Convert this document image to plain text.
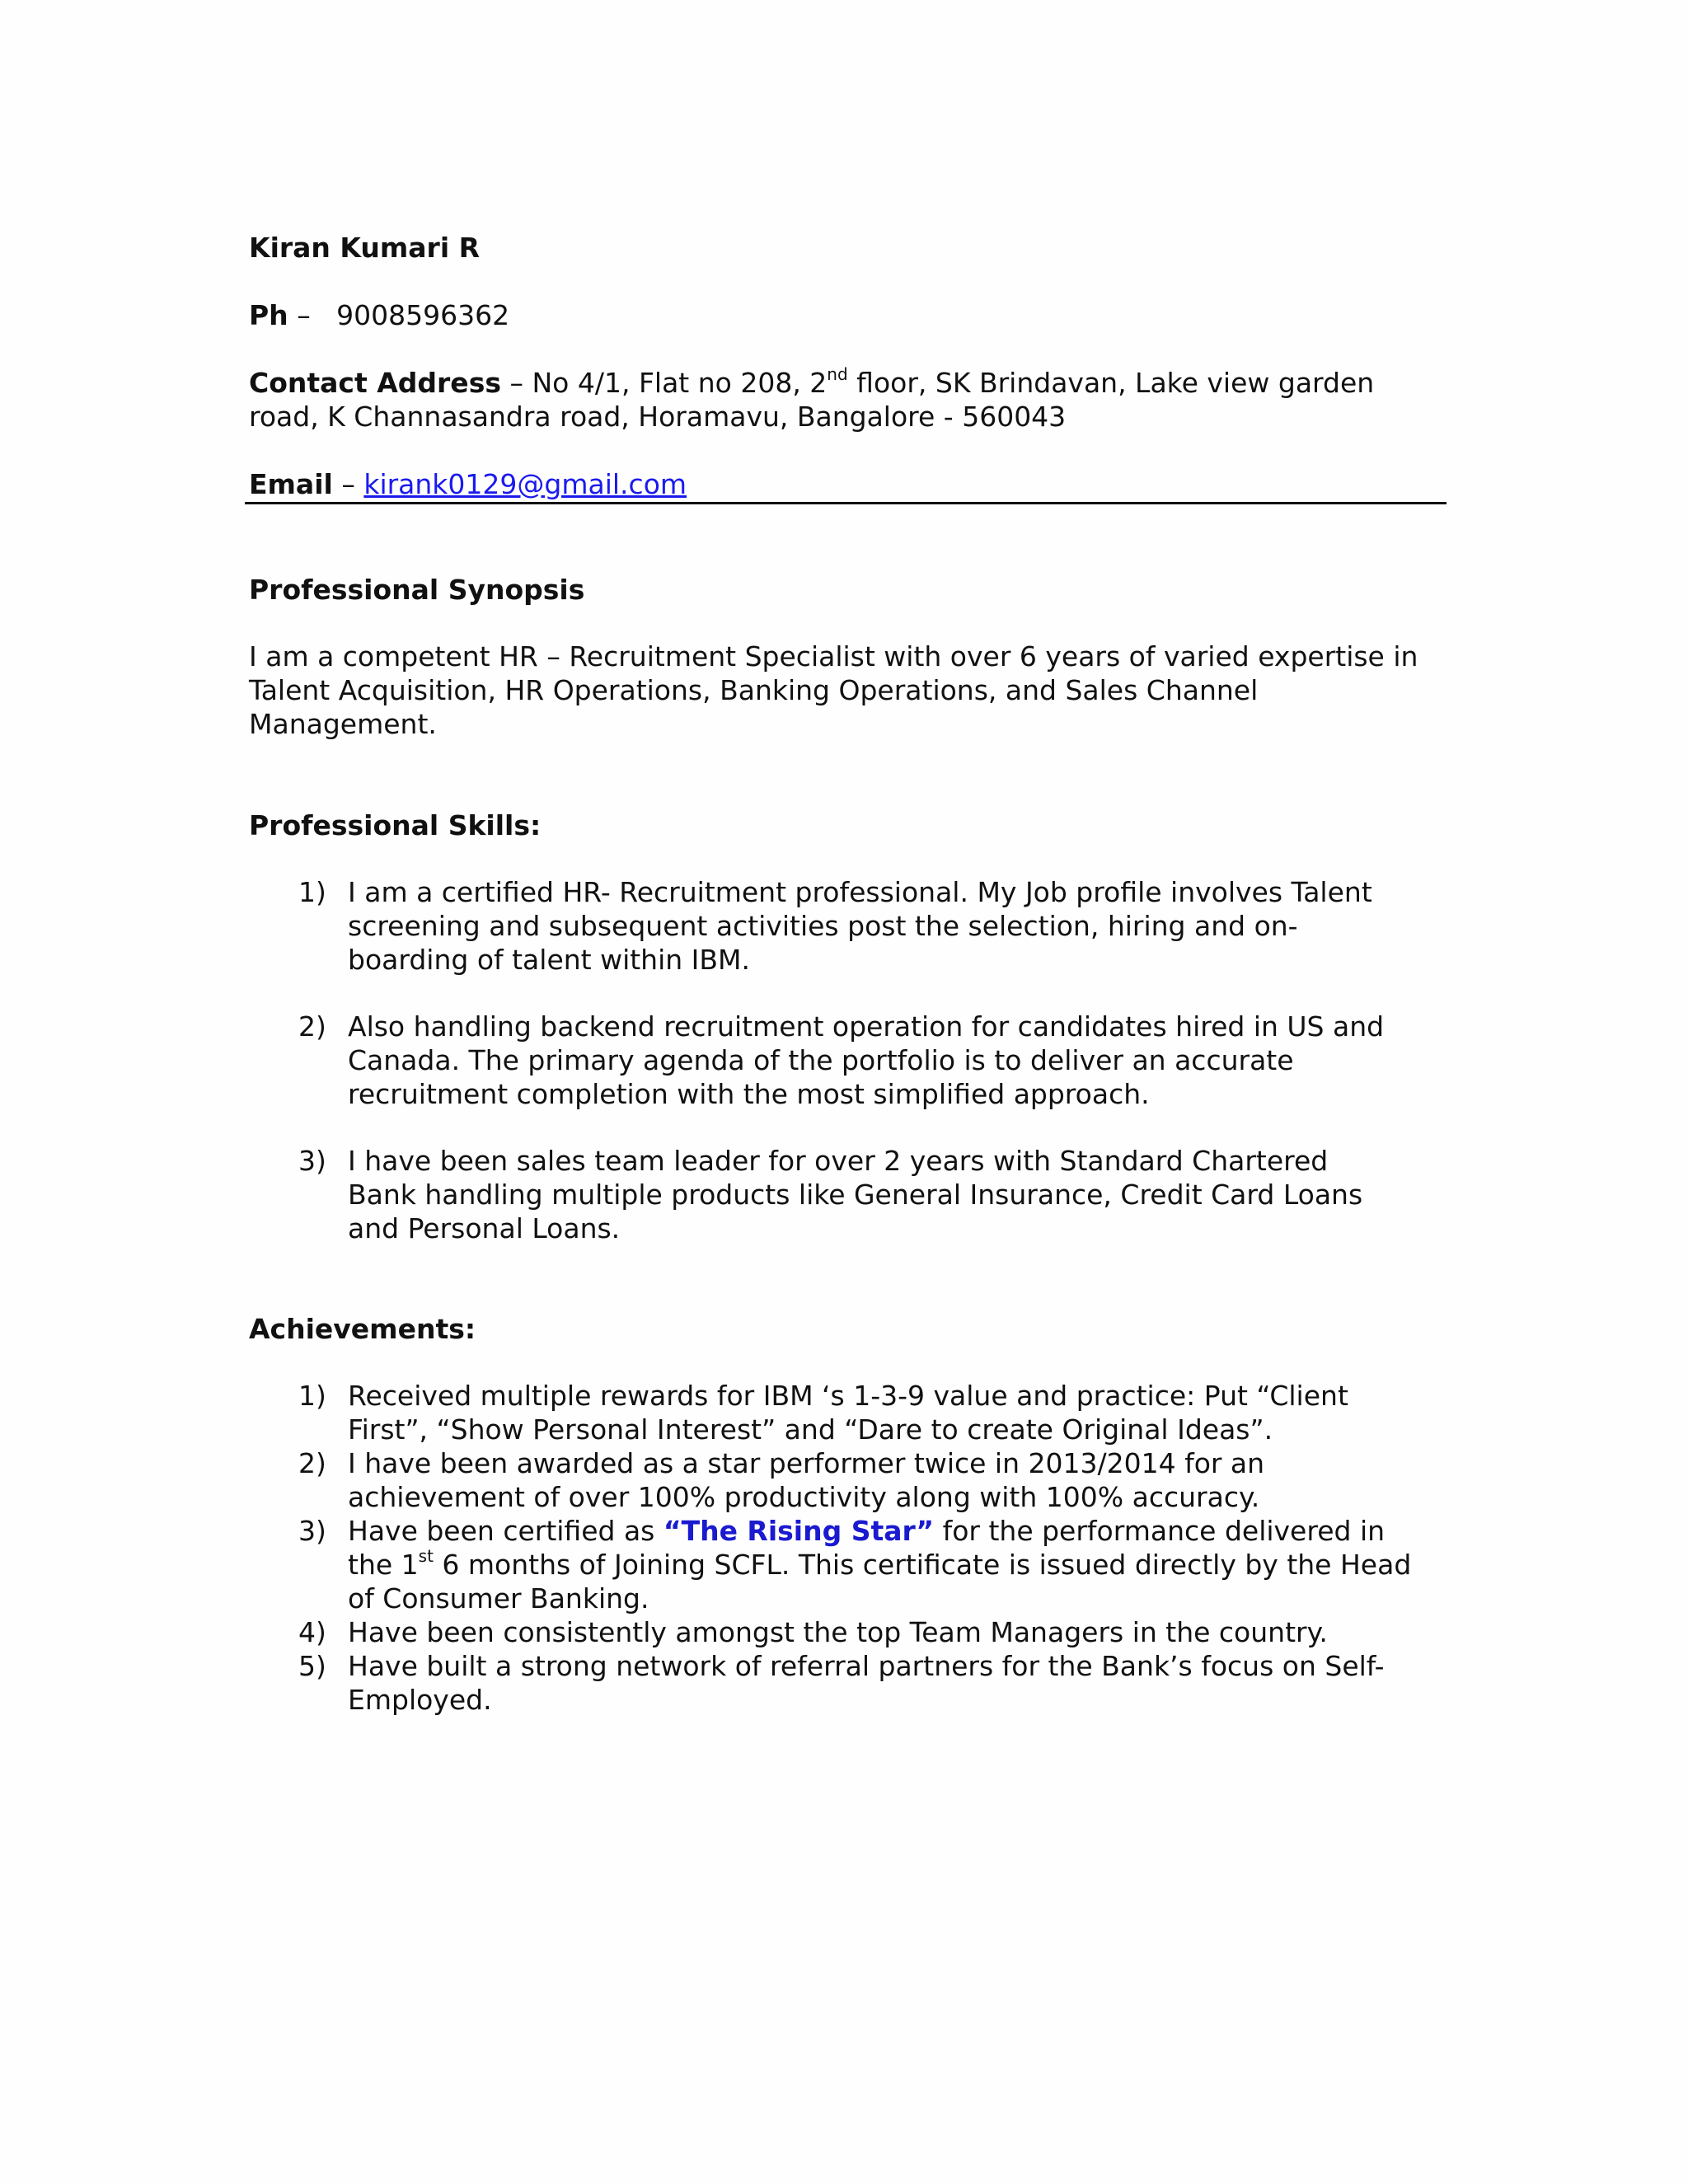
Kiran Kumari R

Ph – 9008596362

Contact Address – No 4/1, Flat no 208, 2nd floor, SK Brindavan, Lake view garden
road, K Channasandra road, Horamavu, Bangalore - 560043

Email – kirank0129@gmail.com

Professional Synopsis

I am a competent HR – Recruitment Specialist with over 6 years of varied expertise in Talent Acquisition, HR Operations, Banking Operations, and Sales Channel Management.

Professional Skills:

1) I am a certified HR- Recruitment professional. My Job profile involves Talent screening and subsequent activities post the selection, hiring and on-boarding of talent within IBM.
2) Also handling backend recruitment operation for candidates hired in US and Canada. The primary agenda of the portfolio is to deliver an accurate recruitment completion with the most simplified approach.
3) I have been sales team leader for over 2 years with Standard Chartered Bank handling multiple products like General Insurance, Credit Card Loans and Personal Loans.

Achievements:

1) Received multiple rewards for IBM ‘s 1-3-9 value and practice: Put “Client First”, “Show Personal Interest” and “Dare to create Original Ideas”.
2) I have been awarded as a star performer twice in 2013/2014 for an achievement of over 100% productivity along with 100% accuracy.
3) Have been certified as “The Rising Star” for the performance delivered in the 1st 6 months of Joining SCFL. This certificate is issued directly by the Head of Consumer Banking.
4) Have been consistently amongst the top Team Managers in the country.
5) Have built a strong network of referral partners for the Bank’s focus on Self-Employed.
